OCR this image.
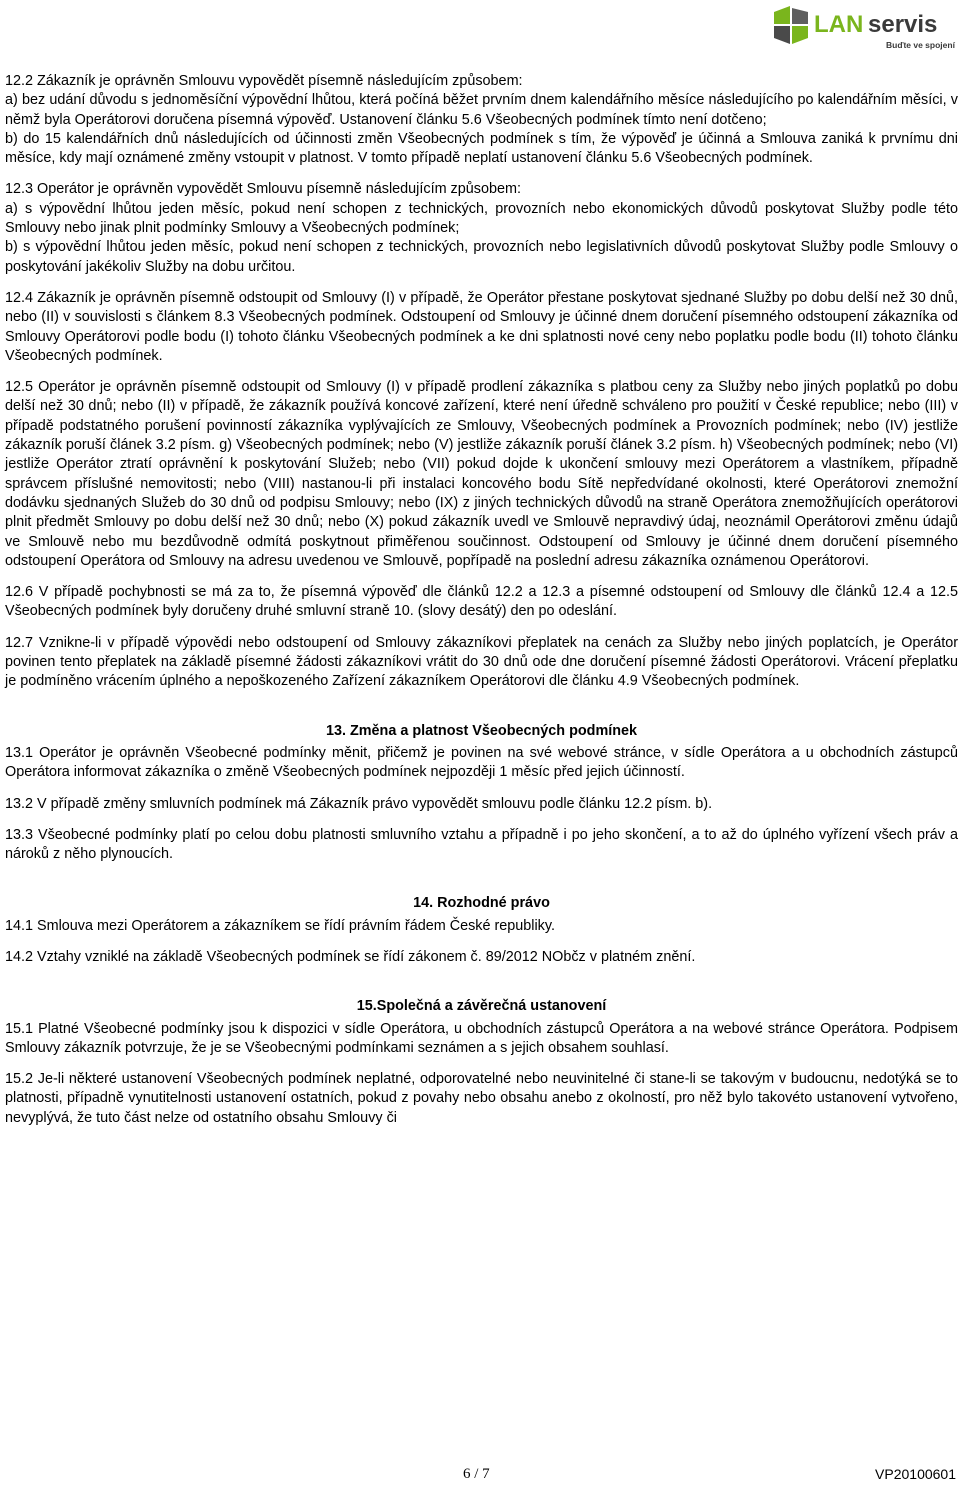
LAN servis
Buďte ve spojení
12.2 Zákazník je oprávněn Smlouvu vypovědět písemně následujícím způsobem:
a) bez udání důvodu s jednoměsíční výpovědní lhůtou, která počíná běžet prvním dnem kalendářního měsíce následujícího po kalendářním měsíci, v němž byla Operátorovi doručena písemná výpověď. Ustanovení článku 5.6 Všeobecných podmínek tímto není dotčeno;
b) do 15 kalendářních dnů následujících od účinnosti změn Všeobecných podmínek s tím, že výpověď je účinná a Smlouva zaniká k prvnímu dni měsíce, kdy mají oznámené změny vstoupit v platnost. V tomto případě neplatí ustanovení článku 5.6 Všeobecných podmínek.
12.3 Operátor je oprávněn vypovědět Smlouvu písemně následujícím způsobem:
a) s výpovědní lhůtou jeden měsíc, pokud není schopen z technických, provozních nebo ekonomických důvodů poskytovat Služby podle této Smlouvy nebo jinak plnit podmínky Smlouvy a Všeobecných podmínek;
b) s výpovědní lhůtou jeden měsíc, pokud není schopen z technických, provozních nebo legislativních důvodů poskytovat Služby podle Smlouvy o poskytování jakékoliv Služby na dobu určitou.
12.4 Zákazník je oprávněn písemně odstoupit od Smlouvy (I) v případě, že Operátor přestane poskytovat sjednané Služby po dobu delší než 30 dnů, nebo (II) v souvislosti s článkem 8.3 Všeobecných podmínek. Odstoupení od Smlouvy je účinné dnem doručení písemného odstoupení zákazníka od Smlouvy Operátorovi podle bodu (I) tohoto článku Všeobecných podmínek a ke dni splatnosti nové ceny nebo poplatku podle bodu (II) tohoto článku Všeobecných podmínek.
12.5 Operátor je oprávněn písemně odstoupit od Smlouvy (I) v případě prodlení zákazníka s platbou ceny za Služby nebo jiných poplatků po dobu delší než 30 dnů; nebo (II) v případě, že zákazník používá koncové zařízení, které není úředně schváleno pro použití v České republice; nebo (III) v případě podstatného porušení povinností zákazníka vyplývajících ze Smlouvy, Všeobecných podmínek a Provozních podmínek; nebo (IV) jestliže zákazník poruší článek 3.2 písm. g) Všeobecných podmínek; nebo (V) jestliže zákazník poruší článek 3.2 písm. h) Všeobecných podmínek; nebo (VI) jestliže Operátor ztratí oprávnění k poskytování Služeb; nebo (VII) pokud dojde k ukončení smlouvy mezi Operátorem a vlastníkem, případně správcem příslušné nemovitosti; nebo (VIII) nastanou-li při instalaci koncového bodu Sítě nepředvídané okolnosti, které Operátorovi znemožní dodávku sjednaných Služeb do 30 dnů od podpisu Smlouvy; nebo (IX) z jiných technických důvodů na straně Operátora znemožňujících operátorovi plnit předmět Smlouvy po dobu delší než 30 dnů; nebo (X) pokud zákazník uvedl ve Smlouvě nepravdivý údaj, neoznámil Operátorovi změnu údajů ve Smlouvě nebo mu bezdůvodně odmítá poskytnout přiměřenou součinnost. Odstoupení od Smlouvy je účinné dnem doručení písemného odstoupení Operátora od Smlouvy na adresu uvedenou ve Smlouvě, popřípadě na poslední adresu zákazníka oznámenou Operátorovi.
12.6 V případě pochybnosti se má za to, že písemná výpověď dle článků 12.2 a 12.3 a písemné odstoupení od Smlouvy dle článků 12.4 a 12.5 Všeobecných podmínek byly doručeny druhé smluvní straně 10. (slovy desátý) den po odeslání.
12.7 Vznikne-li v případě výpovědi nebo odstoupení od Smlouvy zákazníkovi přeplatek na cenách za Služby nebo jiných poplatcích, je Operátor povinen tento přeplatek na základě písemné žádosti zákazníkovi vrátit do 30 dnů ode dne doručení písemné žádosti Operátorovi. Vrácení přeplatku je podmíněno vrácením úplného a nepoškozeného Zařízení zákazníkem Operátorovi dle článku 4.9 Všeobecných podmínek.
13. Změna a platnost Všeobecných podmínek
13.1 Operátor je oprávněn Všeobecné podmínky měnit, přičemž je povinen na své webové stránce, v sídle Operátora a u obchodních zástupců Operátora informovat zákazníka o změně Všeobecných podmínek nejpozději 1 měsíc před jejich účinností.
13.2 V případě změny smluvních podmínek má Zákazník právo vypovědět smlouvu podle článku 12.2 písm. b).
13.3 Všeobecné podmínky platí po celou dobu platnosti smluvního vztahu a případně i po jeho skončení, a to až do úplného vyřízení všech práv a nároků z něho plynoucích.
14. Rozhodné právo
14.1 Smlouva mezi Operátorem a zákazníkem se řídí právním řádem České republiky.
14.2 Vztahy vzniklé na základě Všeobecných podmínek se řídí zákonem č. 89/2012 NObčz v platném znění.
15.Společná a závěrečná ustanovení
15.1 Platné Všeobecné podmínky jsou k dispozici v sídle Operátora, u obchodních zástupců Operátora a na webové stránce Operátora. Podpisem Smlouvy zákazník potvrzuje, že je se Všeobecnými podmínkami seznámen a s jejich obsahem souhlasí.
15.2 Je-li některé ustanovení Všeobecných podmínek neplatné, odporovatelné nebo neuvinitelné či stane-li se takovým v budoucnu, nedotýká se to platnosti, případně vynutitelnosti ustanovení ostatních, pokud z povahy nebo obsahu anebo z okolností, pro něž bylo takovéto ustanovení vytvořeno, nevyplývá, že tuto část nelze od ostatního obsahu Smlouvy či
6 / 7	VP20100601
